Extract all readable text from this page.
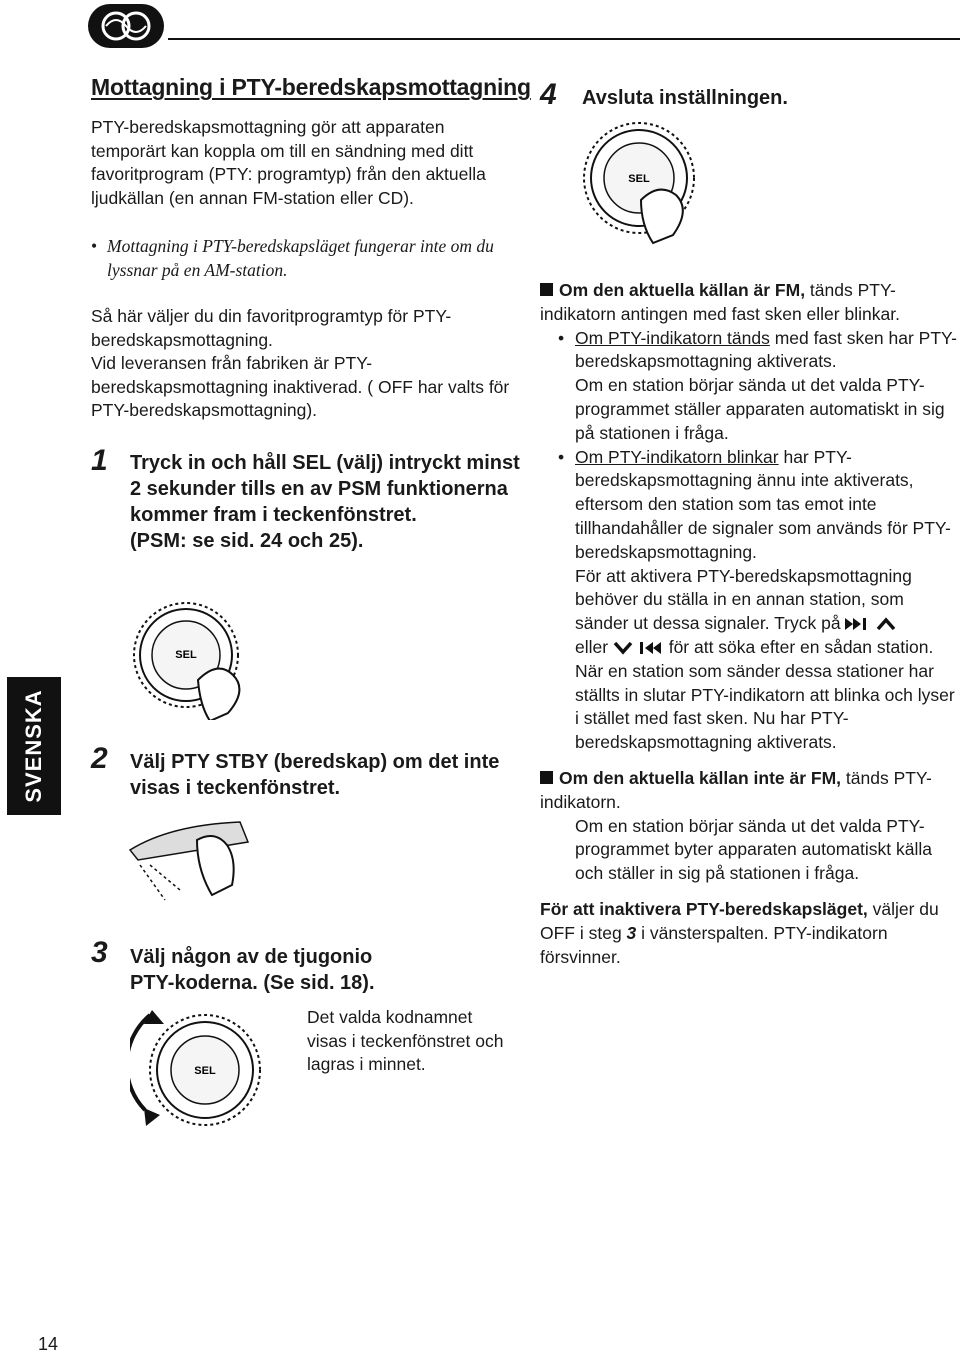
Mottagning i PTY-beredskapsmottagning

PTY-beredskapsmottagning gör att apparaten temporärt kan koppla om till en sändning med ditt favoritprogram (PTY: programtyp) från den aktuella ljudkällan (en annan FM-station eller CD).

• Mottagning i PTY-beredskapsläget fungerar inte om du lyssnar på en AM-station.

Så här väljer du din favoritprogramtyp för PTY-beredskapsmottagning.

Vid leveransen från fabriken är PTY-beredskapsmottagning inaktiverad. ( OFF har valts för PTY-beredskapsmottagning).

1 Tryck in och håll SEL (välj) intryckt minst 2 sekunder tills en av PSM funktionerna kommer fram i teckenfönstret.

(PSM: se sid. 24 och 25).

SEL
SVENSKA 2 Välj PTY STBY (beredskap) om det inte visas i teckenfönstret.

3 Välj någon av de tjugonio PTY-koderna. (Se sid. 18).

Det valda kodnamnet visas i teckenfönstret och lagras i minnet.

SEL
14
4 Avsluta inställningen.
SEL

Om den aktuella källan är FM, tänds PTY-indikatorn antingen med fast sken eller blinkar.

• Om PTY-indikatorn tänds med fast sken har PTY-beredskapsmottagning aktiverats.

Om en station börjar sända ut det valda PTY-programmet ställer apparaten automatiskt in sig på stationen i fråga.

• Om PTY-indikatorn blinkar har PTY-beredskapsmottagning ännu inte aktiverats, eftersom den station som tas emot inte tillhandahåller de signaler som används för PTY-beredskapsmottagning.

För att aktivera PTY-beredskapsmottagning behöver du ställa in en annan station, som sänder ut dessa signaler. Tryck på
eller	för att söka efter en sådan station.

När en station som sänder dessa stationer har ställts in slutar PTY-indikatorn att blinka och lyser i stället med fast sken. Nu har PTY-beredskapsmottagning aktiverats.

Om den aktuella källan inte är FM, tänds PTY-indikatorn.

Om en station börjar sända ut det valda PTY-programmet byter apparaten automatiskt källa och ställer in sig på stationen i fråga.

För att inaktivera PTY-beredskapsläget, väljer du OFF i steg 3 i vänsterspalten. PTY-indikatorn försvinner.
